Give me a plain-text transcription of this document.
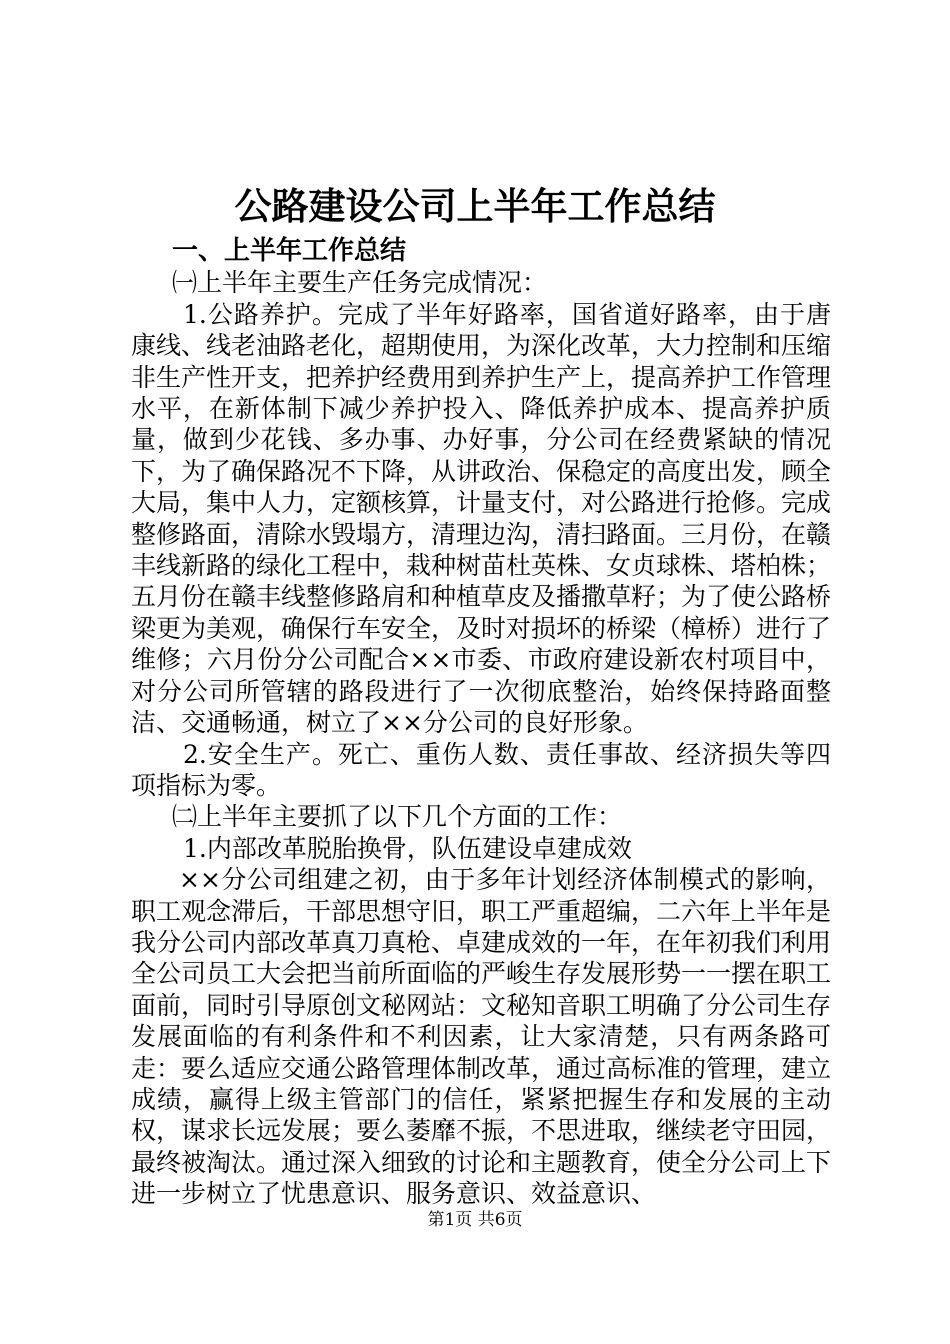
公路建设公司上半年工作总结

一、上半年工作总结

㈠上半年主要生产任务完成情况：

1.公路养护。完成了半年好路率，国省道好路率，由于唐康线、线老油路老化，超期使用，为深化改革，大力控制和压缩非生产性开支，把养护经费用到养护生产上，提高养护工作管理水平，在新体制下减少养护投入、降低养护成本、提高养护质量，做到少花钱、多办事、办好事，分公司在经费紧缺的情况下，为了确保路况不下降，从讲政治、保稳定的高度出发，顾全大局，集中人力，定额核算，计量支付，对公路进行抢修。完成整修路面，清除水毁塌方，清理边沟，清扫路面。三月份，在赣丰线新路的绿化工程中，栽种树苗杜英株、女贞球株、塔柏株；五月份在赣丰线整修路肩和种植草皮及播撒草籽；为了使公路桥梁更为美观，确保行车安全，及时对损坏的桥梁（樟桥）进行了维修；六月份分公司配合××市委、市政府建设新农村项目中，对分公司所管辖的路段进行了一次彻底整治，始终保持路面整洁、交通畅通，树立了××分公司的良好形象。

2.安全生产。死亡、重伤人数、责任事故、经济损失等四项指标为零。

㈡上半年主要抓了以下几个方面的工作：

1.内部改革脱胎换骨，队伍建设卓建成效

××分公司组建之初，由于多年计划经济体制模式的影响，职工观念滞后，干部思想守旧，职工严重超编，二六年上半年是我分公司内部改革真刀真枪、卓建成效的一年，在年初我们利用全公司员工大会把当前所面临的严峻生存发展形势一一摆在职工面前，同时引导原创文秘网站：文秘知音职工明确了分公司生存发展面临的有利条件和不利因素，让大家清楚，只有两条路可走：要么适应交通公路管理体制改革，通过高标准的管理，建立成绩，赢得上级主管部门的信任，紧紧把握生存和发展的主动权，谋求长远发展；要么萎靡不振，不思进取，继续老守田园，最终被淘汰。通过深入细致的讨论和主题教育，使全分公司上下进一步树立了忧患意识、服务意识、效益意识、

第1页 共6页
